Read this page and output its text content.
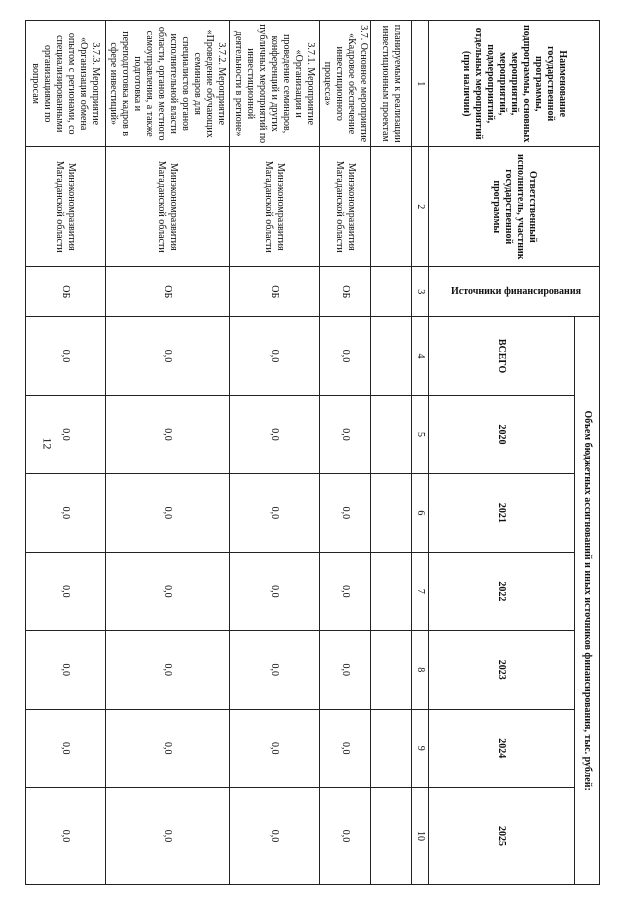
12
Наименование государственной программы, подпрограммы, основных мероприятий, мероприятий, подмероприятий, отдельных мероприятий (при наличии)	Ответственный исполнитель, участник государственной программы	Источники финансирования	Объем бюджетных ассигнований и иных источников финансирования, тыс. рублей:						
			ВСЕГО	2020	2021	2022	2023	2024	2025
1	2	3	4	5	6	7	8	9	10
планируемым к реализации инвестиционным проектам									
3.7. Основное мероприятие «Кадровое обеспечение инвестиционного процесса»	Минэкономразвития Магаданской области	ОБ	0,0	0,0	0,0	0,0	0,0	0,0	0,0
3.7.1. Мероприятие «Организация и проведение семинаров, конференций и других публичных мероприятий по инвестиционной деятельности в регионе»	Минэкономразвития Магаданской области	ОБ	0,0	0,0	0,0	0,0	0,0	0,0	0,0
3.7.2. Мероприятие «Проведение обучающих семинаров для специалистов органов исполнительной власти области, органов местного самоуправления, а также подготовка и переподготовка кадров в сфере инвестиций»	Минэкономразвития Магаданской области	ОБ	0,0	0,0	0,0	0,0	0,0	0,0	0,0
3.7.3. Мероприятие «Организация обмена опытом с регионами, со специализированными организациями по вопросам	Минэкономразвития Магаданской области	ОБ	0,0	0,0	0,0	0,0	0,0	0,0	0,0
